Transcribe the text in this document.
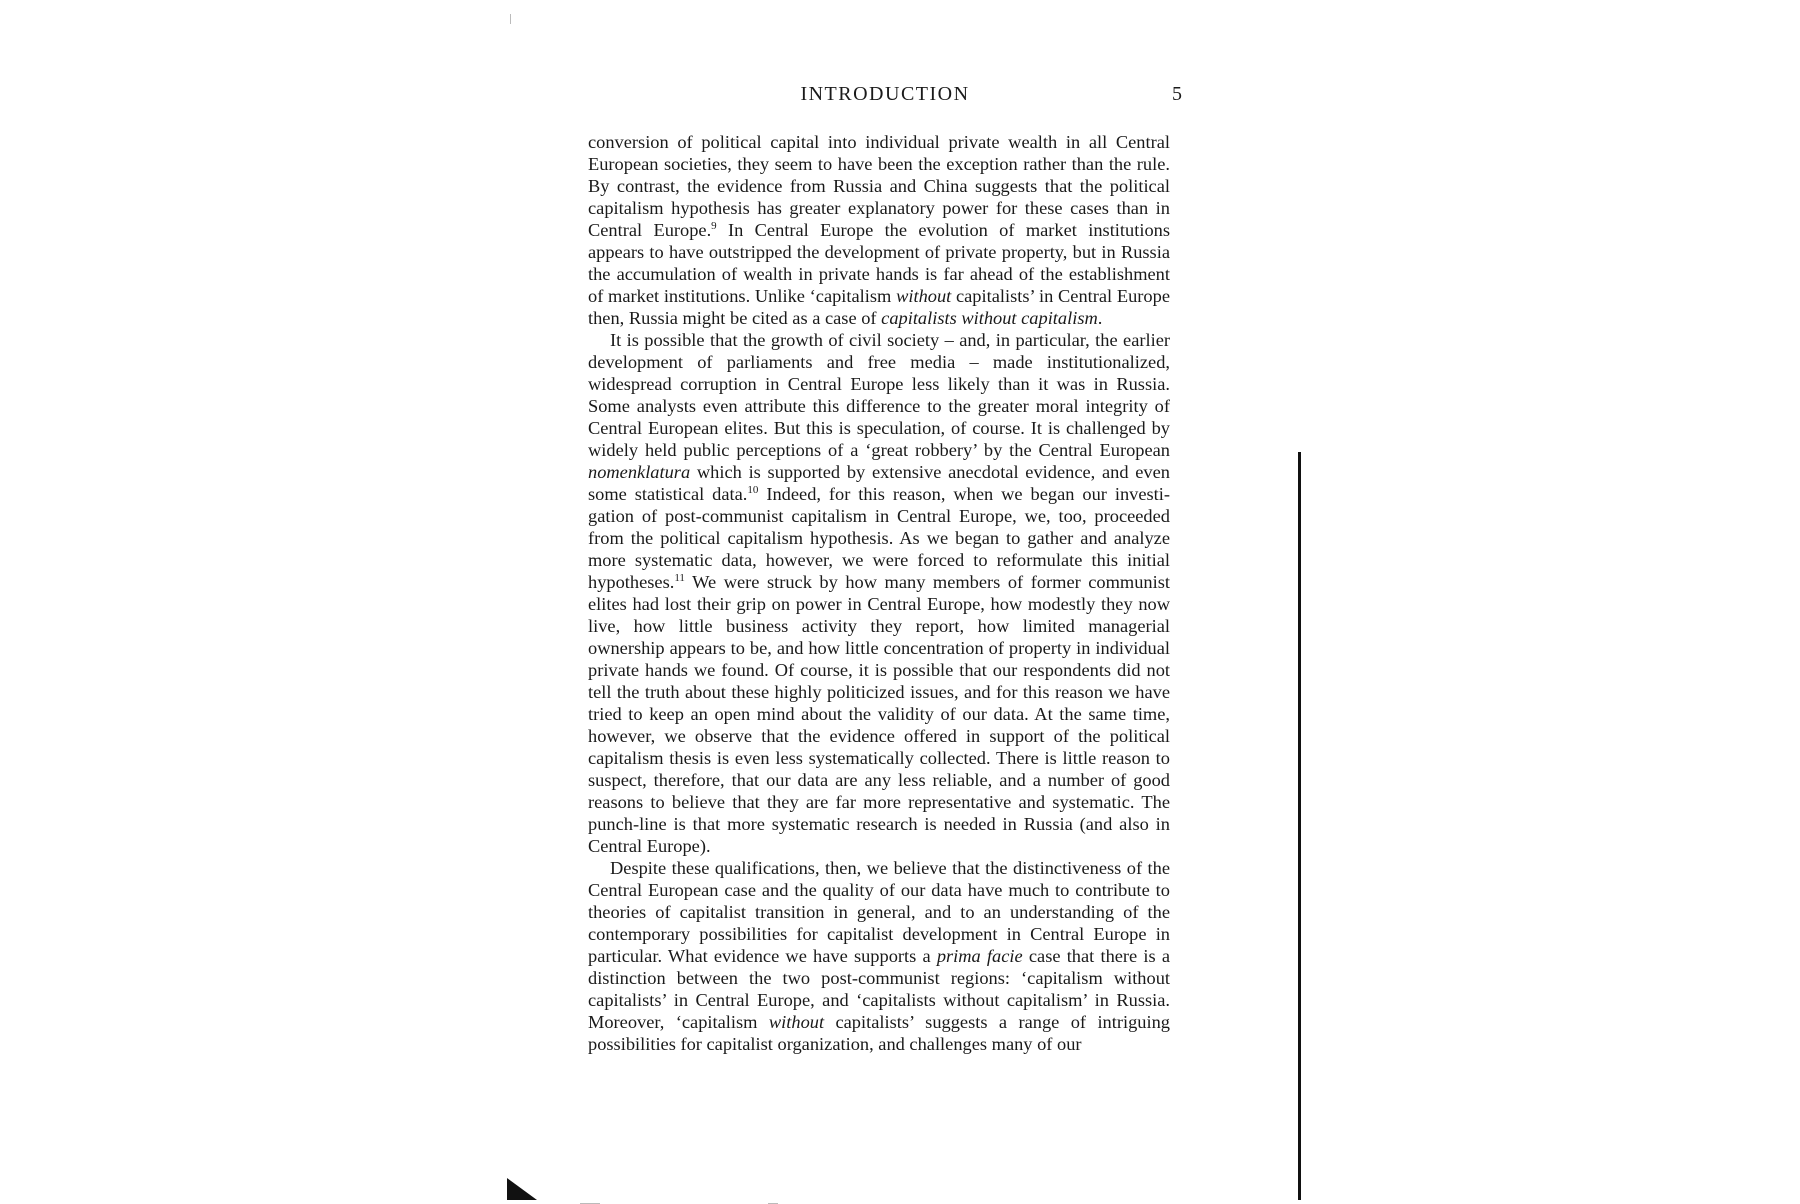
INTRODUCTION	5

conversion of political capital into individual private wealth in all Central European societies, they seem to have been the exception rather than the rule. By contrast, the evidence from Russia and China suggests that the political capitalism hypothesis has greater explanatory power for these cases than in Central Europe.$^9$ In Central Europe the evolution of market institutions appears to have outstripped the development of private property, but in Russia the accumulation of wealth in private hands is far ahead of the establishment of market institutions. Unlike ‘capitalism without capitalists’ in Central Europe then, Russia might be cited as a case of capitalists without capitalism.

It is possible that the growth of civil society – and, in particular, the earlier development of parliaments and free media – made institutionalized, widespread corruption in Central Europe less likely than it was in Russia. Some analysts even attribute this difference to the greater moral integrity of Central European elites. But this is speculation, of course. It is challenged by widely held public perceptions of a ‘great robbery’ by the Central European nomenklatura which is supported by extensive anecdotal evidence, and even some statistical data.$^{10}$ Indeed, for this reason, when we began our investigation of post-communist capitalism in Central Europe, we, too, proceeded from the political capitalism hypothesis. As we began to gather and analyze more systematic data, however, we were forced to reformulate this initial hypotheses.$^{11}$ We were struck by how many members of former communist elites had lost their grip on power in Central Europe, how modestly they now live, how little business activity they report, how limited managerial ownership appears to be, and how little concentration of property in individual private hands we found. Of course, it is possible that our respondents did not tell the truth about these highly politicized issues, and for this reason we have tried to keep an open mind about the validity of our data. At the same time, however, we observe that the evidence offered in support of the political capitalism thesis is even less systematically collected. There is little reason to suspect, therefore, that our data are any less reliable, and a number of good reasons to believe that they are far more representative and systematic. The punch-line is that more systematic research is needed in Russia (and also in Central Europe).

Despite these qualifications, then, we believe that the distinctiveness of the Central European case and the quality of our data have much to contribute to theories of capitalist transition in general, and to an understanding of the contemporary possibilities for capitalist development in Central Europe in particular. What evidence we have supports a prima facie case that there is a distinction between the two post-communist regions: ‘capitalism without capitalists’ in Central Europe, and ‘capitalists without capitalism’ in Russia. Moreover, ‘capitalism without capitalists’ suggests a range of intriguing possibilities for capitalist organization, and challenges many of our
